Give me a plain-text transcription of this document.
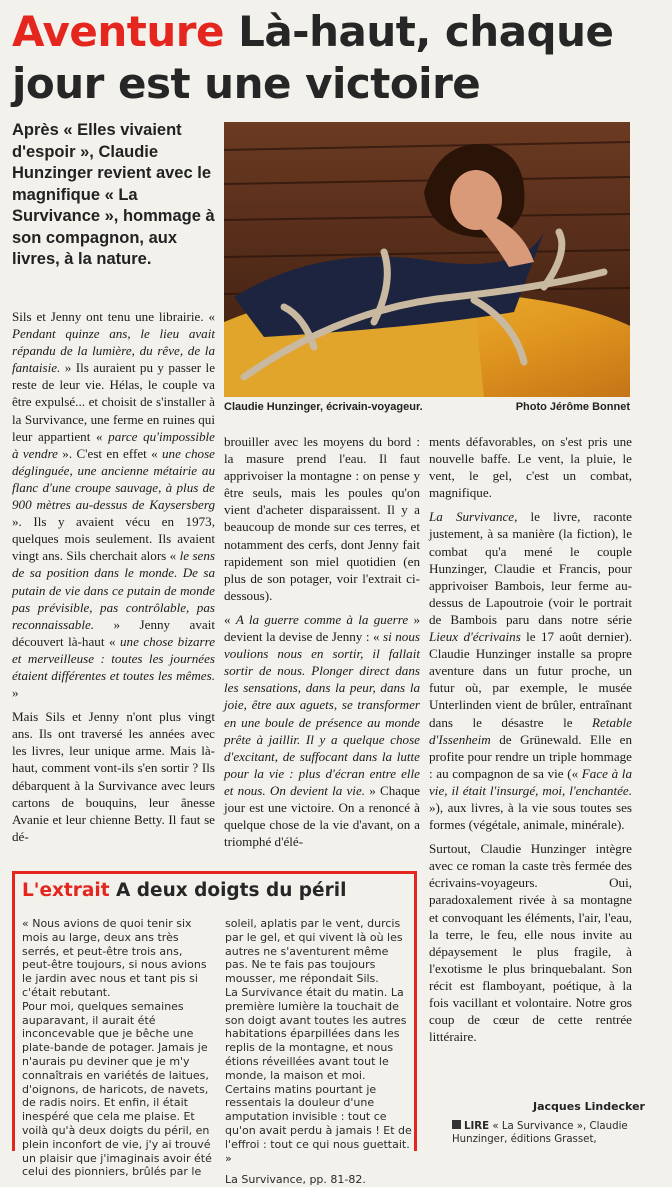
Aventure Là-haut, chaque jour est une victoire

Après « Elles vivaient d'espoir », Claudie Hunzinger revient avec le magnifique « La Survivance », hommage à son compagnon, aux livres, à la nature.

Claudie Hunzinger, écrivain-voyageur.	Photo Jérôme Bonnet

Sils et Jenny ont tenu une librairie. « Pendant quinze ans, le lieu avait répandu de la lumière, du rêve, de la fantaisie. » Ils auraient pu y passer le reste de leur vie. Hélas, le couple va être expulsé... et choisit de s'installer à la Survivance, une ferme en ruines qui leur appartient « parce qu'impossible à vendre ». C'est en effet « une chose déglinguée, une ancienne métairie au flanc d'une croupe sauvage, à plus de 900 mètres au-dessus de Kaysersberg ». Ils y avaient vécu en 1973, quelques mois seulement. Ils avaient vingt ans. Sils cherchait alors « le sens de sa position dans le monde. De sa putain de vie dans ce putain de monde pas prévisible, pas contrôlable, pas reconnaissable. » Jenny avait découvert là-haut « une chose bizarre et merveilleuse : toutes les journées étaient différentes et toutes les mêmes. »

Mais Sils et Jenny n'ont plus vingt ans. Ils ont traversé les années avec les livres, leur unique arme. Mais là-haut, comment vont-ils s'en sortir ? Ils débarquent à la Survivance avec leurs cartons de bouquins, leur ânesse Avanie et leur chienne Betty. Il faut se dé-

brouiller avec les moyens du bord : la masure prend l'eau. Il faut apprivoiser la montagne : on pense y être seuls, mais les poules qu'on vient d'acheter disparaissent. Il y a beaucoup de monde sur ces terres, et notamment des cerfs, dont Jenny fait rapidement son miel quotidien (en plus de son potager, voir l'extrait ci-dessous).

« A la guerre comme à la guerre » devient la devise de Jenny : « si nous voulions nous en sortir, il fallait sortir de nous. Plonger direct dans les sensations, dans la peur, dans la joie, être aux aguets, se transformer en une boule de présence au monde prête à jaillir. Il y a quelque chose d'excitant, de suffocant dans la lutte pour la vie : plus d'écran entre elle et nous. On devient la vie. » Chaque jour est une victoire. On a renoncé à quelque chose de la vie d'avant, on a triomphé d'élé-

ments défavorables, on s'est pris une nouvelle baffe. Le vent, la pluie, le vent, le gel, c'est un combat, magnifique.

La Survivance, le livre, raconte justement, à sa manière (la fiction), le combat qu'a mené le couple Hunzinger, Claudie et Francis, pour apprivoiser Bambois, leur ferme au-dessus de Lapoutroie (voir le portrait de Bambois paru dans notre série Lieux d'écrivains le 17 août dernier). Claudie Hunzinger installe sa propre aventure dans un futur proche, un futur où, par exemple, le musée Unterlinden vient de brûler, entraînant dans le désastre le Retable d'Issenheim de Grünewald. Elle en profite pour rendre un triple hommage : au compagnon de sa vie (« Face à la vie, il était l'insurgé, moi, l'enchantée. »), aux livres, à la vie sous toutes ses formes (végétale, animale, minérale).

Surtout, Claudie Hunzinger intègre avec ce roman la caste très fermée des écrivains-voyageurs. Oui, paradoxalement rivée à sa montagne et convoquant les éléments, l'air, l'eau, la terre, le feu, elle nous invite au dépaysement le plus fragile, à l'exotisme le plus brinquebalant. Son récit est flamboyant, poétique, à la fois vacillant et volontaire. Notre gros coup de cœur de cette rentrée littéraire.

L'extrait A deux doigts du péril

« Nous avions de quoi tenir six mois au large, deux ans très serrés, et peut-être trois ans, peut-être toujours, si nous avions le jardin avec nous et tant pis si c'était rebutant.

Pour moi, quelques semaines auparavant, il aurait été inconcevable que je bêche une plate-bande de potager. Jamais je n'aurais pu deviner que je m'y connaîtrais en variétés de laitues, d'oignons, de haricots, de navets, de radis noirs. Et enfin, il était inespéré que cela me plaise. Et voilà qu'à deux doigts du péril, en plein inconfort de vie, j'y ai trouvé un plaisir que j'imaginais avoir été celui des pionniers, brûlés par le

soleil, aplatis par le vent, durcis par le gel, et qui vivent là où les autres ne s'aventurent même pas. Ne te fais pas toujours mousser, me répondait Sils.

La Survivance était du matin. La première lumière la touchait de son doigt avant toutes les autres habitations éparpillées dans les replis de la montagne, et nous étions réveillées avant tout le monde, la maison et moi. Certains matins pourtant je ressentais la douleur d'une amputation invisible : tout ce qu'on avait perdu à jamais ! Et de l'effroi : tout ce qui nous guettait. »

La Survivance, pp. 81-82.

Jacques Lindecker
LIRE « La Survivance », Claudie Hunzinger, éditions Grasset,
